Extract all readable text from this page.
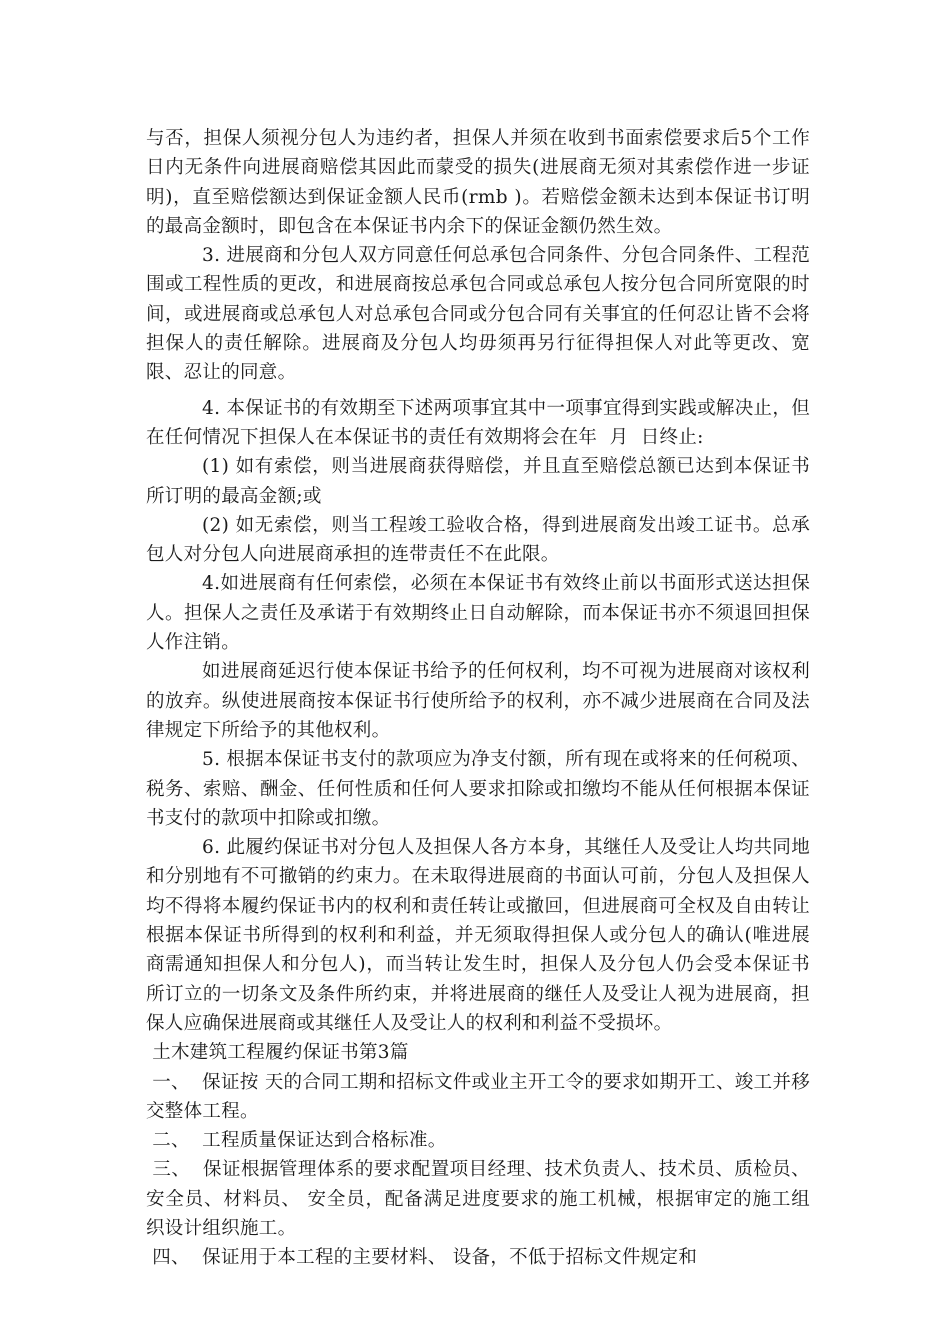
与否，担保人须视分包人为违约者，担保人并须在收到书面索偿要求后5个工作日内无条件向进展商赔偿其因此而蒙受的损失(进展商无须对其索偿作进一步证明)，直至赔偿额达到保证金额人民币(rmb )。若赔偿金额未达到本保证书订明的最高金额时，即包含在本保证书内余下的保证金额仍然生效。

3. 进展商和分包人双方同意任何总承包合同条件、分包合同条件、工程范围或工程性质的更改，和进展商按总承包合同或总承包人按分包合同所宽限的时间，或进展商或总承包人对总承包合同或分包合同有关事宜的任何忍让皆不会将担保人的责任解除。进展商及分包人均毋须再另行征得担保人对此等更改、宽限、忍让的同意。

4. 本保证书的有效期至下述两项事宜其中一项事宜得到实践或解决止，但在任何情况下担保人在本保证书的责任有效期将会在年  月  日终止:

(1) 如有索偿，则当进展商获得赔偿，并且直至赔偿总额已达到本保证书所订明的最高金额;或

(2) 如无索偿，则当工程竣工验收合格，得到进展商发出竣工证书。总承包人对分包人向进展商承担的连带责任不在此限。

4.如进展商有任何索偿，必须在本保证书有效终止前以书面形式送达担保人。担保人之责任及承诺于有效期终止日自动解除，而本保证书亦不须退回担保人作注销。

如进展商延迟行使本保证书给予的任何权利，均不可视为进展商对该权利的放弃。纵使进展商按本保证书行使所给予的权利，亦不减少进展商在合同及法律规定下所给予的其他权利。

5. 根据本保证书支付的款项应为净支付额，所有现在或将来的任何税项、税务、索赔、酬金、任何性质和任何人要求扣除或扣缴均不能从任何根据本保证书支付的款项中扣除或扣缴。

6. 此履约保证书对分包人及担保人各方本身，其继任人及受让人均共同地和分别地有不可撤销的约束力。在未取得进展商的书面认可前，分包人及担保人均不得将本履约保证书内的权利和责任转让或撤回，但进展商可全权及自由转让根据本保证书所得到的权利和利益，并无须取得担保人或分包人的确认(唯进展商需通知担保人和分包人)，而当转让发生时，担保人及分包人仍会受本保证书所订立的一切条文及条件所约束，并将进展商的继任人及受让人视为进展商，担保人应确保进展商或其继任人及受让人的权利和利益不受损坏。

土木建筑工程履约保证书第3篇

一、  保证按 天的合同工期和招标文件或业主开工令的要求如期开工、竣工并移交整体工程。

二、  工程质量保证达到合格标准。

三、  保证根据管理体系的要求配置项目经理、技术负责人、技术员、质检员、安全员、材料员、 安全员，配备满足进度要求的施工机械，根据审定的施工组织设计组织施工。

四、  保证用于本工程的主要材料、 设备，不低于招标文件规定和
